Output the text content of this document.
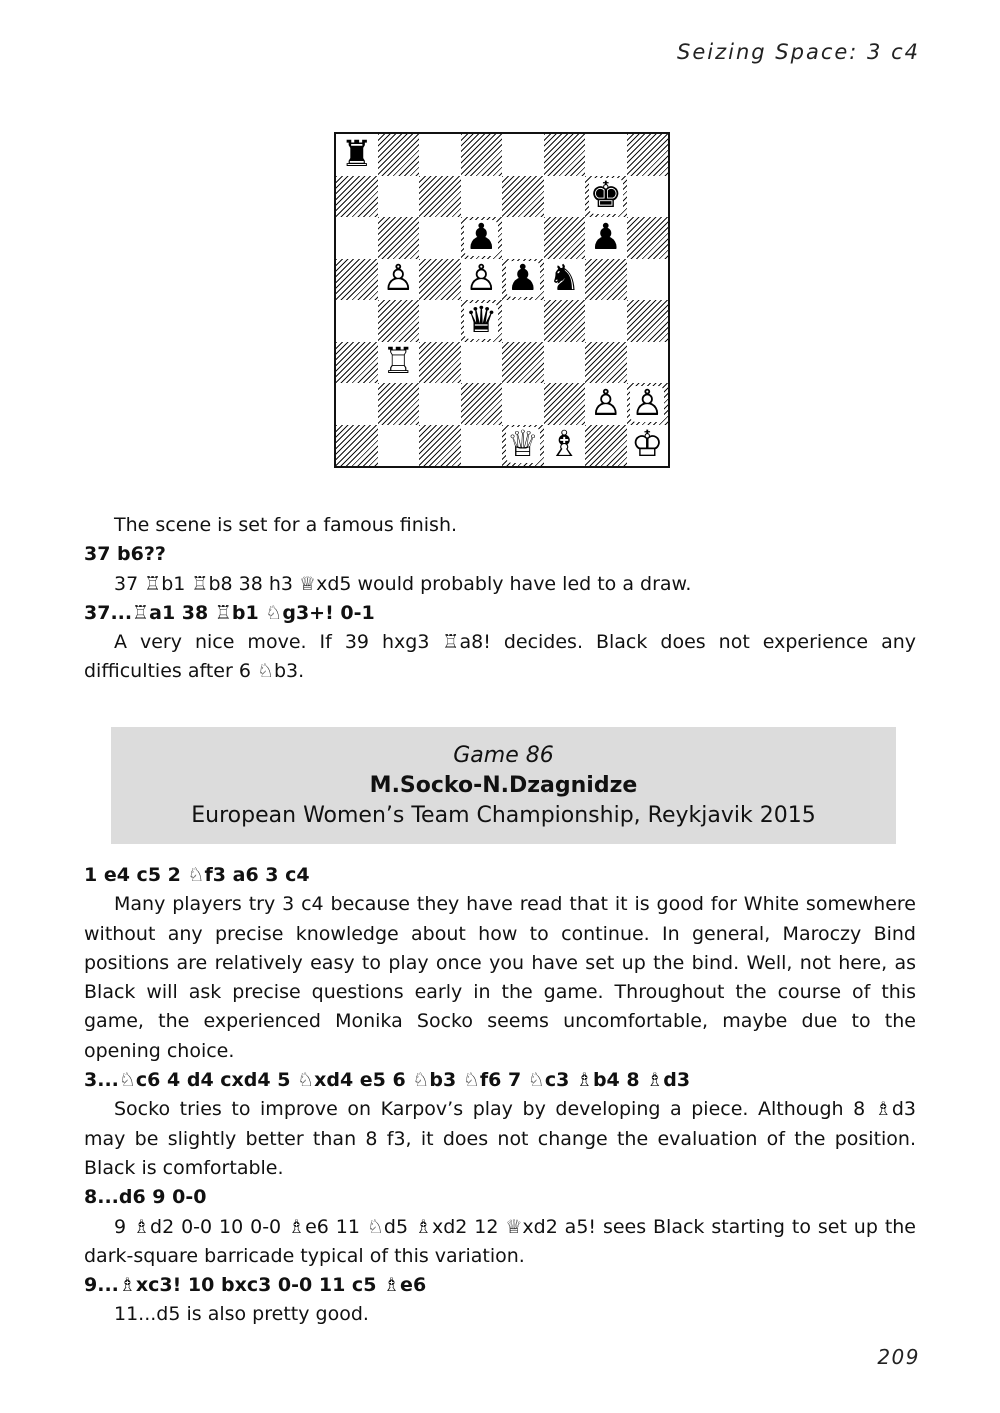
Seizing Space: 3 c4
♜
♚
♟	♟
♙ ♙ ♟ ♞
♛
♖
♙ ♙
♕ ♗ ♔

The scene is set for a famous finish.

37 b6??

37 ♖b1 ♖b8 38 h3 ♕xd5 would probably have led to a draw.

37...♖a1 38 ♖b1 ♘g3+! 0-1

A very nice move. If 39 hxg3 ♖a8! decides. Black does not experience any difficulties after 6 ♘b3.

Game 86
M.Socko-N.Dzagnidze
European Women’s Team Championship, Reykjavik 2015

1 e4 c5 2 ♘f3 a6 3 c4

Many players try 3 c4 because they have read that it is good for White somewhere without any precise knowledge about how to continue. In general, Maroczy Bind positions are relatively easy to play once you have set up the bind. Well, not here, as Black will ask precise questions early in the game. Throughout the course of this game, the experienced Monika Socko seems uncomfortable, maybe due to the opening choice.

3...♘c6 4 d4 cxd4 5 ♘xd4 e5 6 ♘b3 ♘f6 7 ♘c3 ♗b4 8 ♗d3

Socko tries to improve on Karpov’s play by developing a piece. Although 8 ♗d3 may be slightly better than 8 f3, it does not change the evaluation of the position. Black is comfortable.

8...d6 9 0-0

9 ♗d2 0-0 10 0-0 ♗e6 11 ♘d5 ♗xd2 12 ♕xd2 a5! sees Black starting to set up the dark-square barricade typical of this variation.

9...♗xc3! 10 bxc3 0-0 11 c5 ♗e6

11...d5 is also pretty good.

209
